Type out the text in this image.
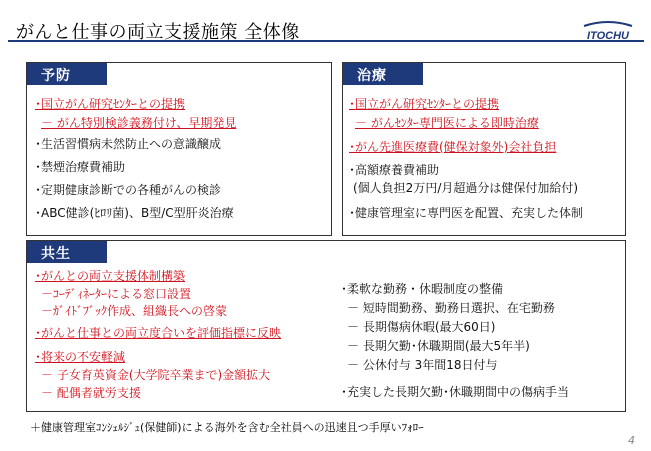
がんと仕事の両立支援施策 全体像	ITOCHU
予防
･国立がん研究ｾﾝﾀｰとの提携
－ がん特別検診義務付け、早期発見
･生活習慣病未然防止への意識醸成
･禁煙治療費補助
･定期健康診断での各種がんの検診
･ABC健診(ﾋﾛﾘ菌)、B型/C型肝炎治療
治療
･国立がん研究ｾﾝﾀｰとの提携
－ がんｾﾝﾀｰ専門医による即時治療
･がん先進医療費(健保対象外)会社負担
･高額療養費補助
(個人負担2万円/月超過分は健保付加給付)
･健康管理室に専門医を配置、充実した体制
共生
･がんとの両立支援体制構築
－ｺｰﾃﾞｨﾈｰﾀｰによる窓口設置
－ｶﾞｲﾄﾞﾌﾞｯｸ作成、組織長への啓蒙
･がんと仕事との両立度合いを評価指標に反映
･将来の不安軽減
－ 子女育英資金(大学院卒業まで)金額拡大
－ 配偶者就労支援
･柔軟な勤務・休暇制度の整備
－ 短時間勤務、勤務日選択、在宅勤務
－ 長期傷病休暇(最大60日)
－ 長期欠勤･休職期間(最大5年半)
－ 公休付与 3年間18日付与
･充実した長期欠勤･休職期間中の傷病手当
＋健康管理室ｺﾝｼｪﾙｼﾞｭ(保健師)による海外を含む全社員への迅速且つ手厚いﾌｫﾛｰ
4
